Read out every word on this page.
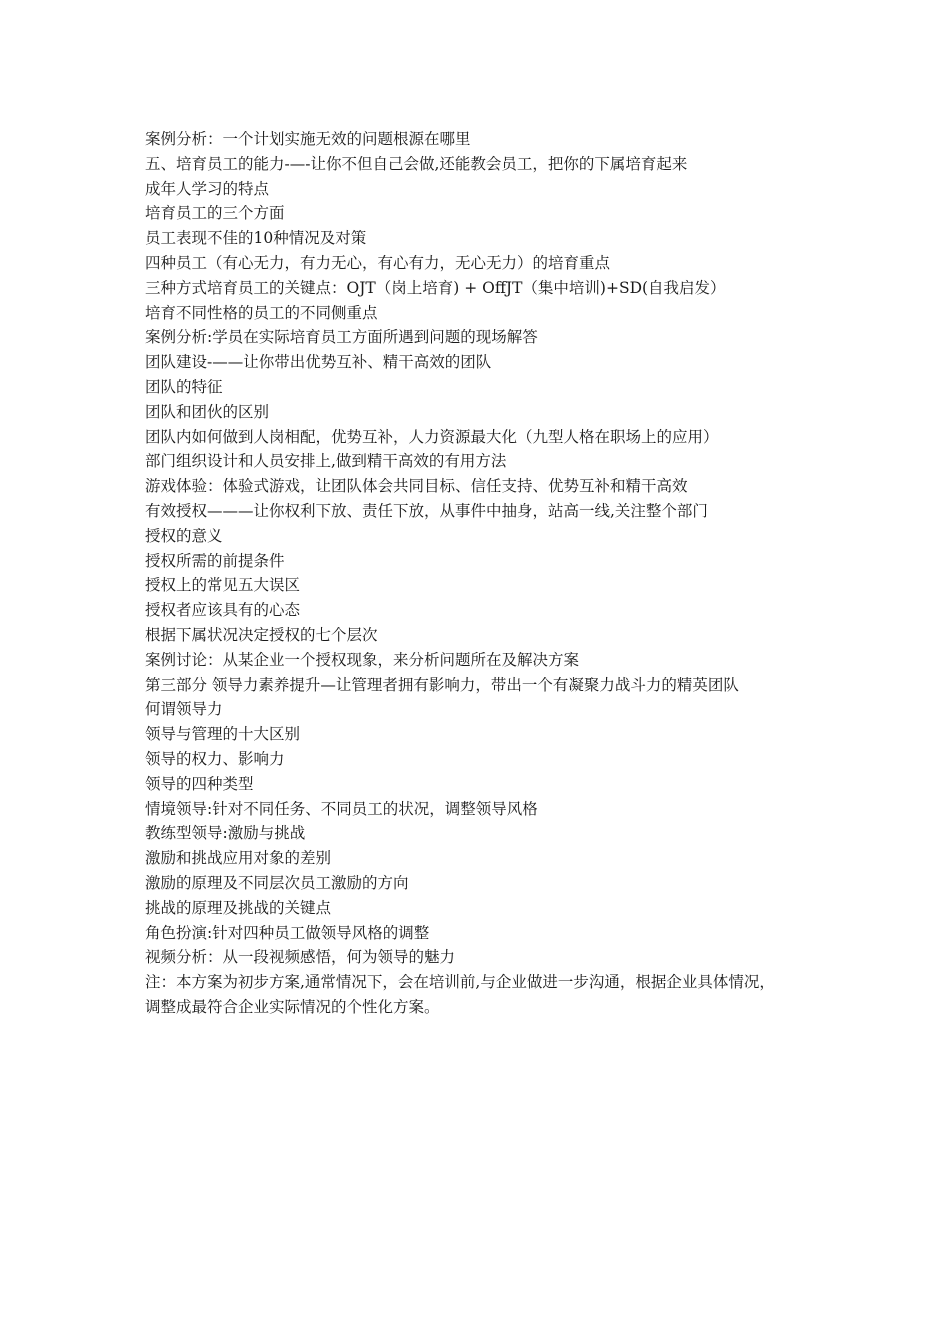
案例分析：一个计划实施无效的问题根源在哪里
五、培育员工的能力-—-让你不但自己会做,还能教会员工，把你的下属培育起来
成年人学习的特点
培育员工的三个方面
员工表现不佳的10种情况及对策
四种员工（有心无力，有力无心，有心有力，无心无力）的培育重点
三种方式培育员工的关键点：OJT（岗上培育) + OffJT（集中培训)+SD(自我启发）
培育不同性格的员工的不同侧重点
案例分析:学员在实际培育员工方面所遇到问题的现场解答
团队建设-——让你带出优势互补、精干高效的团队
团队的特征
团队和团伙的区别
团队内如何做到人岗相配，优势互补，人力资源最大化（九型人格在职场上的应用）
部门组织设计和人员安排上,做到精干高效的有用方法
游戏体验：体验式游戏，让团队体会共同目标、信任支持、优势互补和精干高效
有效授权———让你权利下放、责任下放，从事件中抽身，站高一线,关注整个部门
授权的意义
授权所需的前提条件
授权上的常见五大误区
授权者应该具有的心态
根据下属状况决定授权的七个层次
案例讨论：从某企业一个授权现象，来分析问题所在及解决方案
第三部分 领导力素养提升—让管理者拥有影响力，带出一个有凝聚力战斗力的精英团队
何谓领导力
领导与管理的十大区别
领导的权力、影响力
领导的四种类型
情境领导:针对不同任务、不同员工的状况，调整领导风格
教练型领导:激励与挑战
激励和挑战应用对象的差别
激励的原理及不同层次员工激励的方向
挑战的原理及挑战的关键点
角色扮演:针对四种员工做领导风格的调整
视频分析：从一段视频感悟，何为领导的魅力
注：本方案为初步方案,通常情况下，会在培训前,与企业做进一步沟通，根据企业具体情况，
调整成最符合企业实际情况的个性化方案。
